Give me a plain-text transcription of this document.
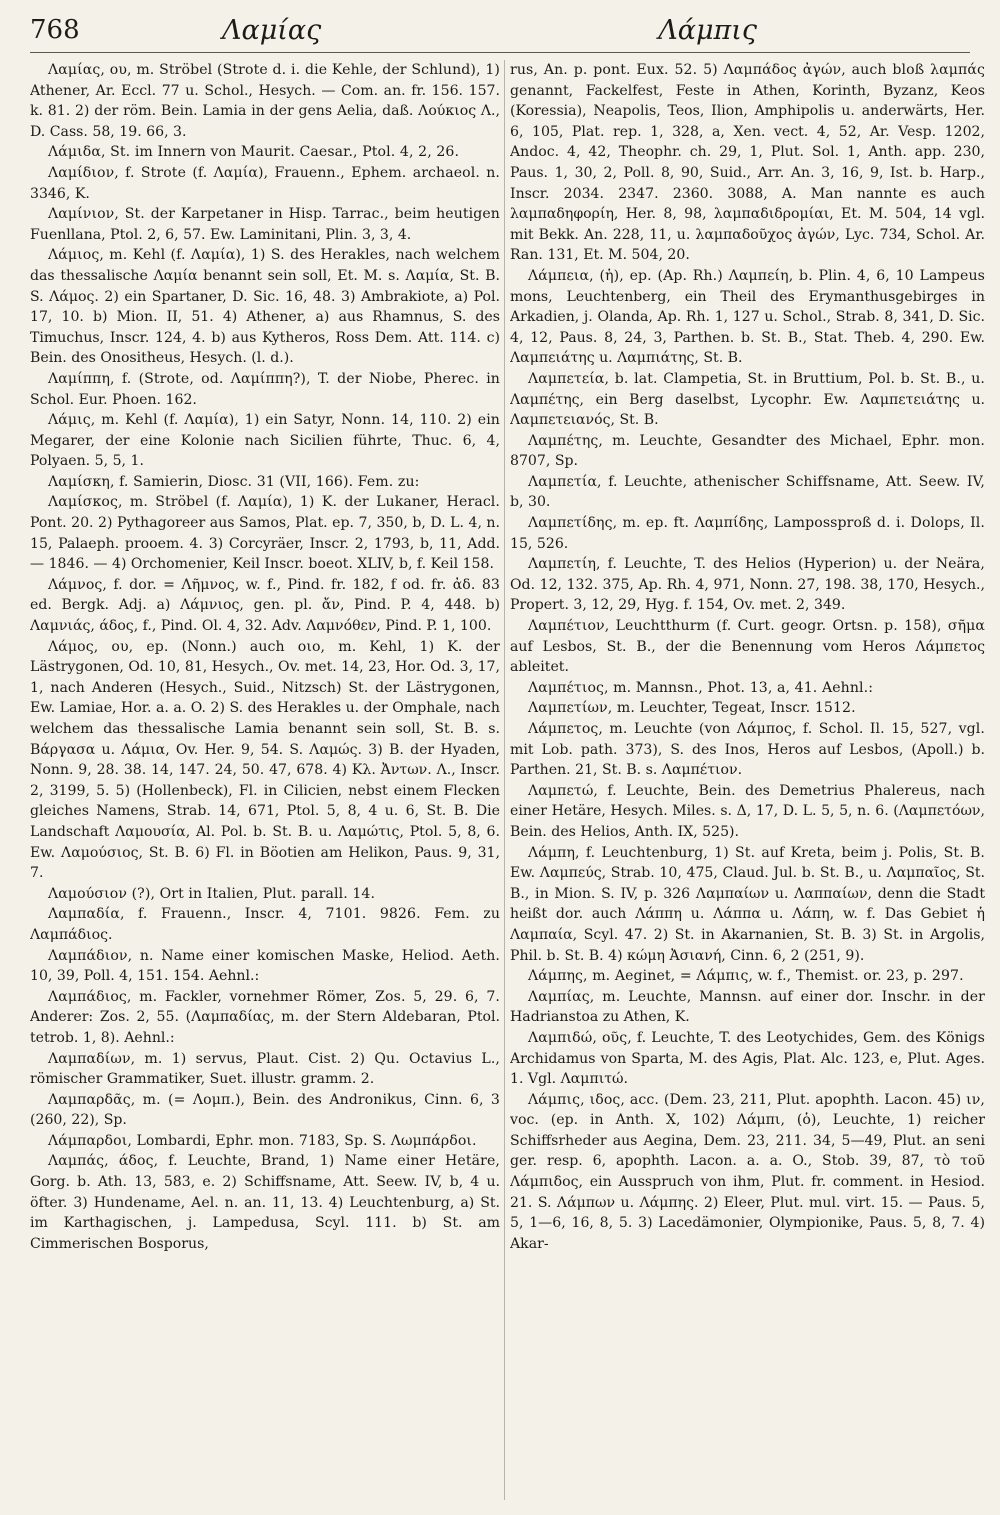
768	Λαμίας	Λάμπις

Λαμίας, ου, m. Ströbel (Strote d. i. die Kehle, der Schlund), 1) Athener, Ar. Eccl. 77 u. Schol., Hesych. — Com. an. fr. 156. 157. k. 81. 2) der röm. Bein. Lamia in der gens Aelia, daß. Λούκιος Λ., D. Cass. 58, 19. 66, 3.

Λάμιδα, St. im Innern von Maurit. Caesar., Ptol. 4, 2, 26.

Λαμίδιον, f. Strote (f. Λαμία), Frauenn., Ephem. archaeol. n. 3346, K.

Λαμίνιον, St. der Karpetaner in Hisp. Tarrac., beim heutigen Fuenllana, Ptol. 2, 6, 57. Ew. Laminitani, Plin. 3, 3, 4.

Λάμιος, m. Kehl (f. Λαμία), 1) S. des Herakles, nach welchem das thessalische Λαμία benannt sein soll, Et. M. s. Λαμία, St. B. S. Λάμος. 2) ein Spartaner, D. Sic. 16, 48. 3) Ambrakiote, a) Pol. 17, 10. b) Mion. II, 51. 4) Athener, a) aus Rhamnus, S. des Timuchus, Inscr. 124, 4. b) aus Kytheros, Ross Dem. Att. 114. c) Bein. des Onositheus, Hesych. (l. d.).

Λαμίππη, f. (Strote, od. Λαμίππη?), T. der Niobe, Pherec. in Schol. Eur. Phoen. 162.

Λάμις, m. Kehl (f. Λαμία), 1) ein Satyr, Nonn. 14, 110. 2) ein Megarer, der eine Kolonie nach Sicilien führte, Thuc. 6, 4, Polyaen. 5, 5, 1.

Λαμίσκη, f. Samierin, Diosc. 31 (VII, 166). Fem. zu:

Λαμίσκος, m. Ströbel (f. Λαμία), 1) K. der Lukaner, Heracl. Pont. 20. 2) Pythagoreer aus Samos, Plat. ep. 7, 350, b, D. L. 4, n. 15, Palaeph. prooem. 4. 3) Corcyräer, Inscr. 2, 1793, b, 11, Add. — 1846. — 4) Orchomenier, Keil Inscr. boeot. XLIV, b, f. Keil 158.

Λάμνος, f. dor. = Λῆμνος, w. f., Pind. fr. 182, f od. fr. ἀδ. 83 ed. Bergk. Adj. a) Λάμνιος, gen. pl. ἄν, Pind. P. 4, 448. b) Λαμνιάς, άδος, f., Pind. Ol. 4, 32. Adv. Λαμνόθεν, Pind. P. 1, 100.

Λάμος, ου, ep. (Nonn.) auch οιο, m. Kehl, 1) K. der Lästrygonen, Od. 10, 81, Hesych., Ov. met. 14, 23, Hor. Od. 3, 17, 1, nach Anderen (Hesych., Suid., Nitzsch) St. der Lästrygonen, Ew. Lamiae, Hor. a. a. O. 2) S. des Herakles u. der Omphale, nach welchem das thessalische Lamia benannt sein soll, St. B. s. Βάργασα u. Λάμια, Ov. Her. 9, 54. S. Λαμώς. 3) B. der Hyaden, Nonn. 9, 28. 38. 14, 147. 24, 50. 47, 678. 4) Κλ. Ἀντων. Λ., Inscr. 2, 3199, 5. 5) (Hollenbeck), Fl. in Cilicien, nebst einem Flecken gleiches Namens, Strab. 14, 671, Ptol. 5, 8, 4 u. 6, St. B. Die Landschaft Λαμουσία, Al. Pol. b. St. B. u. Λαμώτις, Ptol. 5, 8, 6. Ew. Λαμούσιος, St. B. 6) Fl. in Böotien am Helikon, Paus. 9, 31, 7.

Λαμούσιον (?), Ort in Italien, Plut. parall. 14.

Λαμπαδία, f. Frauenn., Inscr. 4, 7101. 9826. Fem. zu Λαμπάδιος.

Λαμπάδιον, n. Name einer komischen Maske, Heliod. Aeth. 10, 39, Poll. 4, 151. 154. Aehnl.:

Λαμπάδιος, m. Fackler, vornehmer Römer, Zos. 5, 29. 6, 7. Anderer: Zos. 2, 55. (Λαμπαδίας, m. der Stern Aldebaran, Ptol. tetrob. 1, 8). Aehnl.:

Λαμπαδίων, m. 1) servus, Plaut. Cist. 2) Qu. Octavius L., römischer Grammatiker, Suet. illustr. gramm. 2.

Λαμπαρδᾶς, m. (= Λομπ.), Bein. des Andronikus, Cinn. 6, 3 (260, 22), Sp.

Λάμπαρδοι, Lombardi, Ephr. mon. 7183, Sp. S. Λωμπάρδοι.

Λαμπάς, άδος, f. Leuchte, Brand, 1) Name einer Hetäre, Gorg. b. Ath. 13, 583, e. 2) Schiffsname, Att. Seew. IV, b, 4 u. öfter. 3) Hundename, Ael. n. an. 11, 13. 4) Leuchtenburg, a) St. im Karthagischen, j. Lampedusa, Scyl. 111. b) St. am Cimmerischen Bosporus,

rus, An. p. pont. Eux. 52. 5) Λαμπάδος ἀγών, auch bloß λαμπάς genannt, Fackelfest, Feste in Athen, Korinth, Byzanz, Keos (Koressia), Neapolis, Teos, Ilion, Amphipolis u. anderwärts, Her. 6, 105, Plat. rep. 1, 328, a, Xen. vect. 4, 52, Ar. Vesp. 1202, Andoc. 4, 42, Theophr. ch. 29, 1, Plut. Sol. 1, Anth. app. 230, Paus. 1, 30, 2, Poll. 8, 90, Suid., Arr. An. 3, 16, 9, Ist. b. Harp., Inscr. 2034. 2347. 2360. 3088, A. Man nannte es auch λαμπαδηφορίη, Her. 8, 98, λαμπαδιδρομίαι, Et. M. 504, 14 vgl. mit Bekk. An. 228, 11, u. λαμπαδοῦχος ἀγών, Lyc. 734, Schol. Ar. Ran. 131, Et. M. 504, 20.

Λάμπεια, (ἡ), ep. (Ap. Rh.) Λαμπείη, b. Plin. 4, 6, 10 Lampeus mons, Leuchtenberg, ein Theil des Erymanthusgebirges in Arkadien, j. Olanda, Ap. Rh. 1, 127 u. Schol., Strab. 8, 341, D. Sic. 4, 12, Paus. 8, 24, 3, Parthen. b. St. B., Stat. Theb. 4, 290. Ew. Λαμπειάτης u. Λαμπιάτης, St. B.

Λαμπετεία, b. lat. Clampetia, St. in Bruttium, Pol. b. St. B., u. Λαμπέτης, ein Berg daselbst, Lycophr. Ew. Λαμπετειάτης u. Λαμπετειανός, St. B.

Λαμπέτης, m. Leuchte, Gesandter des Michael, Ephr. mon. 8707, Sp.

Λαμπετία, f. Leuchte, athenischer Schiffsname, Att. Seew. IV, b, 30.

Λαμπετίδης, m. ep. ft. Λαμπίδης, Lampossproß d. i. Dolops, Il. 15, 526.

Λαμπετίη, f. Leuchte, T. des Helios (Hyperion) u. der Neära, Od. 12, 132. 375, Ap. Rh. 4, 971, Nonn. 27, 198. 38, 170, Hesych., Propert. 3, 12, 29, Hyg. f. 154, Ov. met. 2, 349.

Λαμπέτιον, Leuchtthurm (f. Curt. geogr. Ortsn. p. 158), σῆμα auf Lesbos, St. B., der die Benennung vom Heros Λάμπετος ableitet.

Λαμπέτιος, m. Mannsn., Phot. 13, a, 41. Aehnl.:

Λαμπετίων, m. Leuchter, Tegeat, Inscr. 1512.

Λάμπετος, m. Leuchte (von Λάμπος, f. Schol. Il. 15, 527, vgl. mit Lob. path. 373), S. des Inos, Heros auf Lesbos, (Apoll.) b. Parthen. 21, St. B. s. Λαμπέτιον.

Λαμπετώ, f. Leuchte, Bein. des Demetrius Phalereus, nach einer Hetäre, Hesych. Miles. s. Δ, 17, D. L. 5, 5, n. 6. (Λαμπετόων, Bein. des Helios, Anth. IX, 525).

Λάμπη, f. Leuchtenburg, 1) St. auf Kreta, beim j. Polis, St. B. Ew. Λαμπεύς, Strab. 10, 475, Claud. Jul. b. St. B., u. Λαμπαῖος, St. B., in Mion. S. IV, p. 326 Λαμπαίων u. Λαππαίων, denn die Stadt heißt dor. auch Λάππη u. Λάππα u. Λάπη, w. f. Das Gebiet ἡ Λαμπαία, Scyl. 47. 2) St. in Akarnanien, St. B. 3) St. in Argolis, Phil. b. St. B. 4) κώμη Ἀσιανή, Cinn. 6, 2 (251, 9).

Λάμπης, m. Aeginet, = Λάμπις, w. f., Themist. or. 23, p. 297.

Λαμπίας, m. Leuchte, Mannsn. auf einer dor. Inschr. in der Hadrianstoa zu Athen, K.

Λαμπιδώ, οῦς, f. Leuchte, T. des Leotychides, Gem. des Königs Archidamus von Sparta, M. des Agis, Plat. Alc. 123, e, Plut. Ages. 1. Vgl. Λαμπιτώ.

Λάμπις, ιδος, acc. (Dem. 23, 211, Plut. apophth. Lacon. 45) ιν, voc. (ep. in Anth. X, 102) Λάμπι, (ὁ), Leuchte, 1) reicher Schiffsrheder aus Aegina, Dem. 23, 211. 34, 5—49, Plut. an seni ger. resp. 6, apophth. Lacon. a. a. O., Stob. 39, 87, τὸ τοῦ Λάμπιδος, ein Ausspruch von ihm, Plut. fr. comment. in Hesiod. 21. S. Λάμπων u. Λάμπης. 2) Eleer, Plut. mul. virt. 15. — Paus. 5, 5, 1—6, 16, 8, 5. 3) Lacedämonier, Olympionike, Paus. 5, 8, 7. 4) Akar-
